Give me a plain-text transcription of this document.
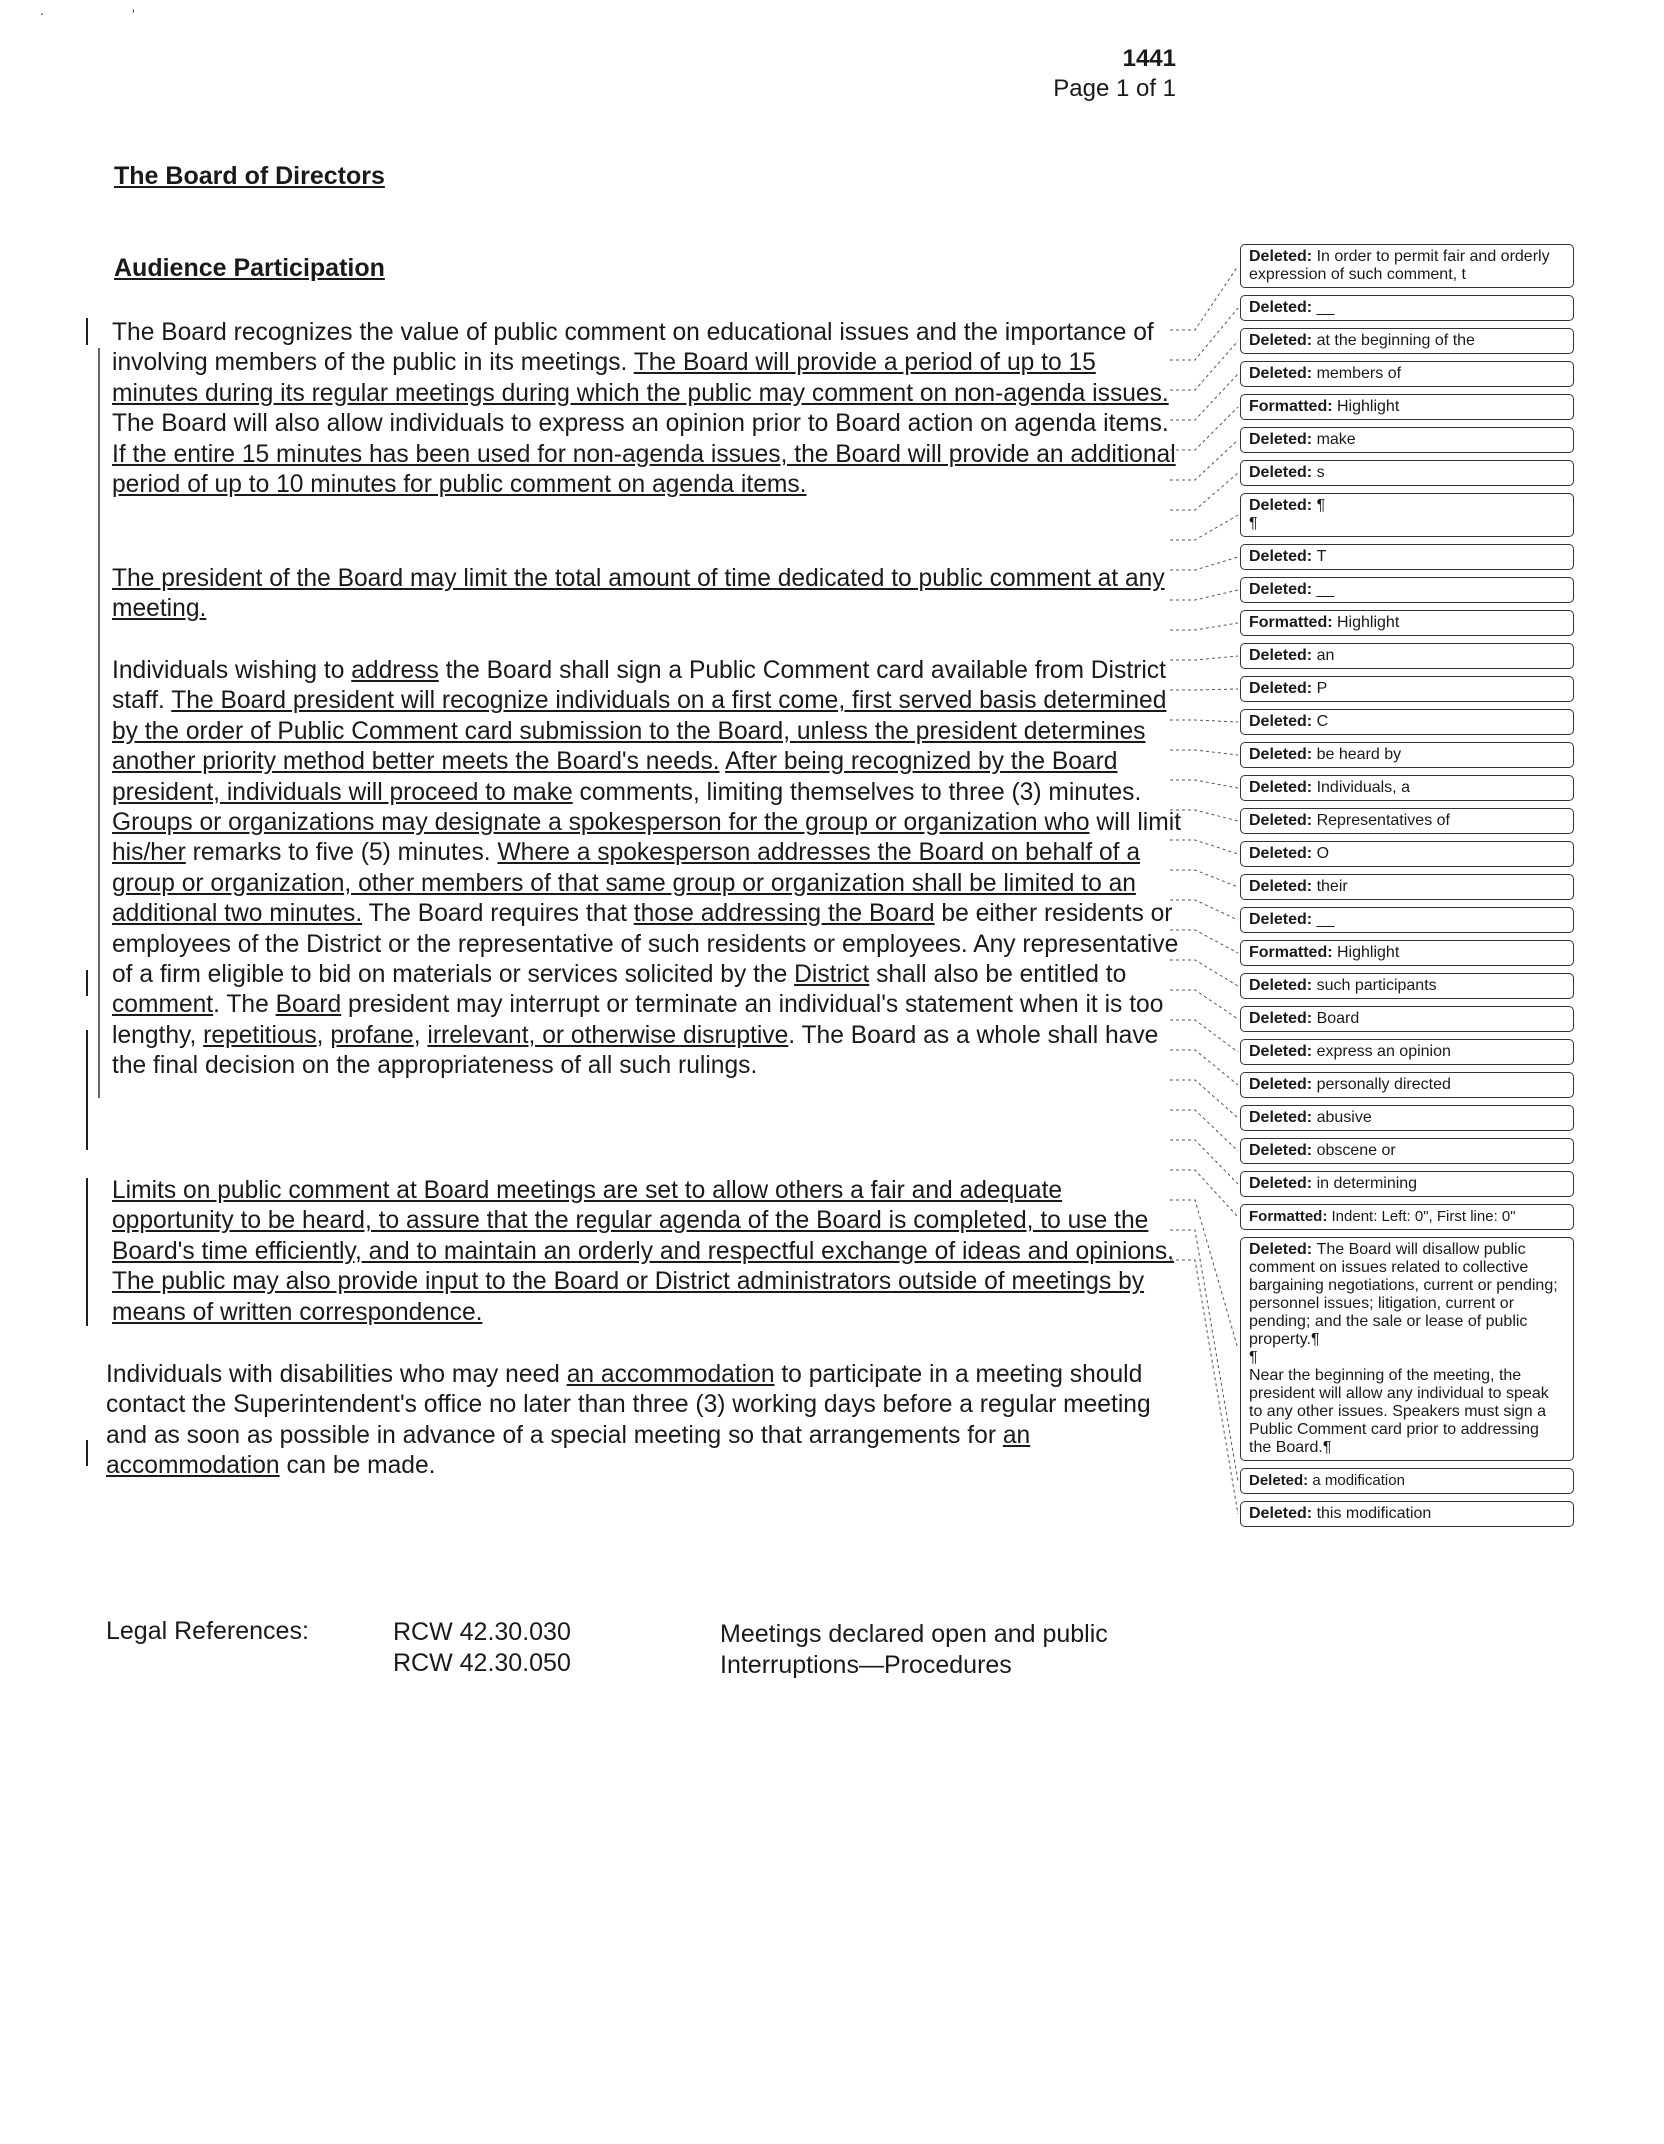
.	'
1441
Page 1 of 1
The Board of Directors
Audience Participation
The Board recognizes the value of public comment on educational issues and the importance of involving members of the public in its meetings. The Board will provide a period of up to 15 minutes during its regular meetings during which the public may comment on non-agenda issues. The Board will also allow individuals to express an opinion prior to Board action on agenda items. If the entire 15 minutes has been used for non-agenda issues, the Board will provide an additional period of up to 10 minutes for public comment on agenda items.
The president of the Board may limit the total amount of time dedicated to public comment at any meeting.
Individuals wishing to address the Board shall sign a Public Comment card available from District staff. The Board president will recognize individuals on a first come, first served basis determined by the order of Public Comment card submission to the Board, unless the president determines another priority method better meets the Board's needs. After being recognized by the Board president, individuals will proceed to make comments, limiting themselves to three (3) minutes. Groups or organizations may designate a spokesperson for the group or organization who will limit his/her remarks to five (5) minutes. Where a spokesperson addresses the Board on behalf of a group or organization, other members of that same group or organization shall be limited to an additional two minutes. The Board requires that those addressing the Board be either residents or employees of the District or the representative of such residents or employees. Any representative of a firm eligible to bid on materials or services solicited by the District shall also be entitled to comment. The Board president may interrupt or terminate an individual's statement when it is too lengthy, repetitious, profane, irrelevant, or otherwise disruptive. The Board as a whole shall have the final decision on the appropriateness of all such rulings.
Limits on public comment at Board meetings are set to allow others a fair and adequate opportunity to be heard, to assure that the regular agenda of the Board is completed, to use the Board's time efficiently, and to maintain an orderly and respectful exchange of ideas and opinions. The public may also provide input to the Board or District administrators outside of meetings by means of written correspondence.
Individuals with disabilities who may need an accommodation to participate in a meeting should contact the Superintendent's office no later than three (3) working days before a regular meeting and as soon as possible in advance of a special meeting so that arrangements for an accommodation can be made.
Legal References:	RCW 42.30.030
RCW 42.30.050
Meetings declared open and public
Interruptions—Procedures
Deleted: In order to permit fair and orderly expression of such comment, t
Deleted: __
Deleted: at the beginning of the
Deleted: members of
Formatted: Highlight
Deleted: make
Deleted: s
Deleted: ¶
¶
Deleted: T
Deleted: __
Formatted: Highlight
Deleted: an
Deleted: P
Deleted: C
Deleted: be heard by
Deleted: Individuals, a
Deleted: Representatives of
Deleted: O
Deleted: their
Deleted: __
Formatted: Highlight
Deleted: such participants
Deleted: Board
Deleted: express an opinion
Deleted: personally directed
Deleted: abusive
Deleted: obscene or
Deleted: in determining
Formatted: Indent: Left: 0", First line: 0"
Deleted: The Board will disallow public comment on issues related to collective bargaining negotiations, current or pending; personnel issues; litigation, current or pending; and the sale or lease of public property.¶
¶
Near the beginning of the meeting, the president will allow any individual to speak to any other issues. Speakers must sign a Public Comment card prior to addressing the Board.¶
Deleted: a modification
Deleted: this modification
